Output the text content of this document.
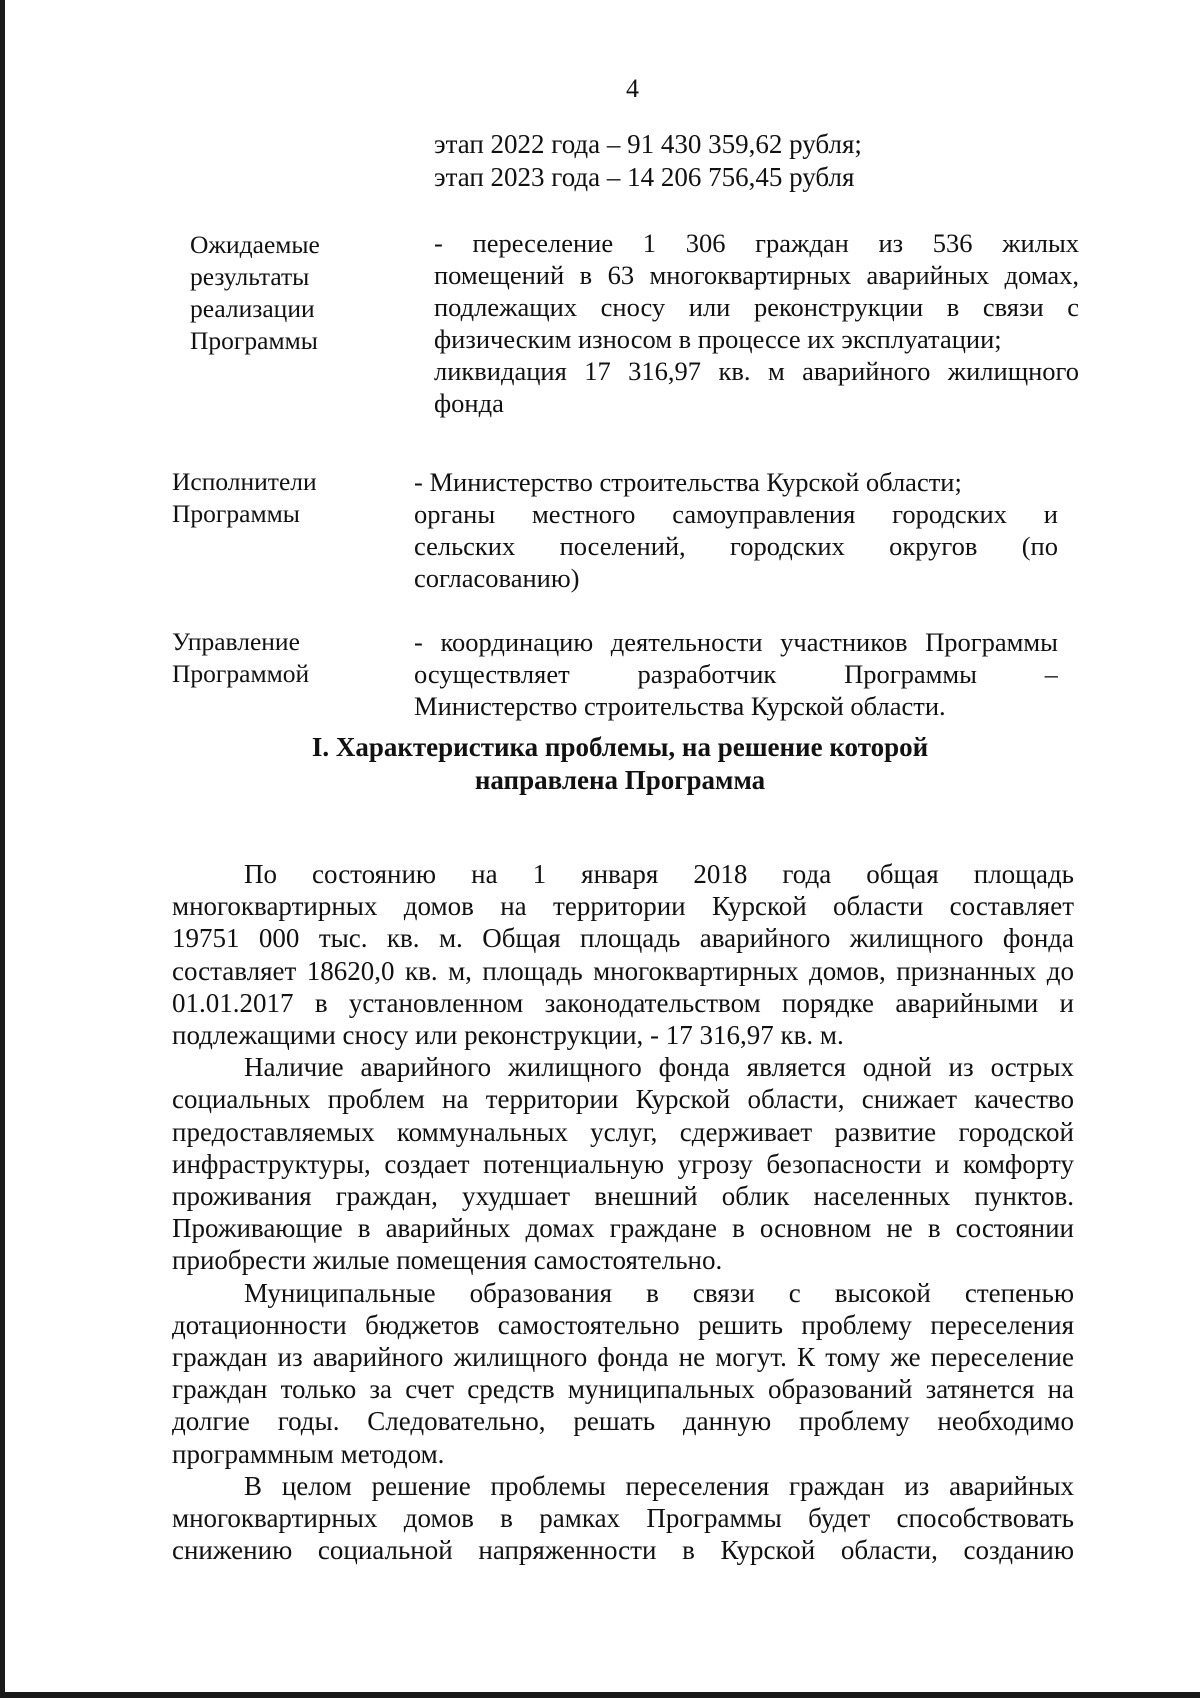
4
этап 2022 года – 91 430 359,62 рубля;
этап 2023 года – 14 206 756,45 рубля
Ожидаемые
результаты
реализации
Программы
- переселение 1 306 граждан из 536 жилых
помещений в 63 многоквартирных аварийных домах,
подлежащих сносу или реконструкции в связи с
физическим износом в процессе их эксплуатации;
ликвидация 17 316,97 кв. м аварийного жилищного
фонда
Исполнители
Программы
- Министерство строительства Курской области;
органы местного самоуправления городских и
сельских поселений, городских округов (по
согласованию)
Управление
Программой
- координацию деятельности участников Программы
осуществляет разработчик Программы –
Министерство строительства Курской области.
I. Характеристика проблемы, на решение которой
направлена Программа
По состоянию на 1 января 2018 года общая площадь
многоквартирных домов на территории Курской области составляет
19751 000 тыс. кв. м. Общая площадь аварийного жилищного фонда
составляет 18620,0 кв. м, площадь многоквартирных домов, признанных до
01.01.2017 в установленном законодательством порядке аварийными и
подлежащими сносу или реконструкции, - 17 316,97 кв. м.
Наличие аварийного жилищного фонда является одной из острых
социальных проблем на территории Курской области, снижает качество
предоставляемых коммунальных услуг, сдерживает развитие городской
инфраструктуры, создает потенциальную угрозу безопасности и комфорту
проживания граждан, ухудшает внешний облик населенных пунктов.
Проживающие в аварийных домах граждане в основном не в состоянии
приобрести жилые помещения самостоятельно.
Муниципальные образования в связи с высокой степенью
дотационности бюджетов самостоятельно решить проблему переселения
граждан из аварийного жилищного фонда не могут. К тому же переселение
граждан только за счет средств муниципальных образований затянется на
долгие годы. Следовательно, решать данную проблему необходимо
программным методом.
В целом решение проблемы переселения граждан из аварийных
многоквартирных домов в рамках Программы будет способствовать
снижению социальной напряженности в Курской области, созданию
